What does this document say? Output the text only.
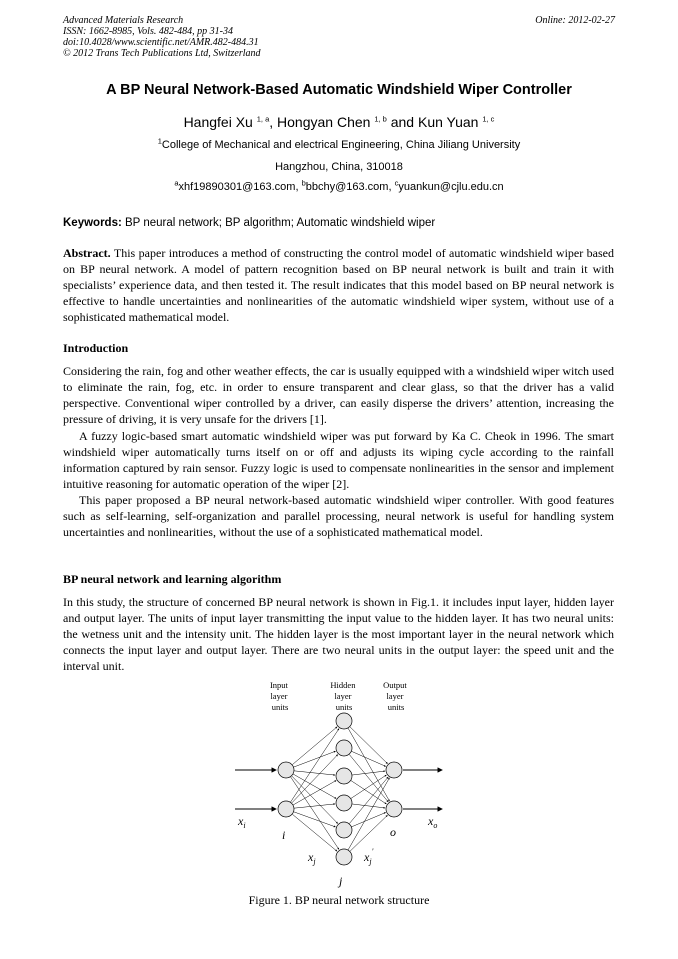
Advanced Materials Research
ISSN: 1662-8985, Vols. 482-484, pp 31-34
doi:10.4028/www.scientific.net/AMR.482-484.31
© 2012 Trans Tech Publications Ltd, Switzerland
Online: 2012-02-27
A BP Neural Network-Based Automatic Windshield Wiper Controller
Hangfei Xu $^{1, a}$, Hongyan Chen $^{1, b}$ and Kun Yuan $^{1, c}$
$^1$College of Mechanical and electrical Engineering, China Jiliang University
Hangzhou, China, 310018
$^a$xhf19890301@163.com, $^b$bbchy@163.com, $^c$yuankun@cjlu.edu.cn
Keywords: BP neural network; BP algorithm; Automatic windshield wiper
Abstract. This paper introduces a method of constructing the control model of automatic windshield wiper based on BP neural network. A model of pattern recognition based on BP neural network is built and train it with specialists’ experience data, and then tested it. The result indicates that this model based on BP neural network is effective to handle uncertainties and nonlinearities of the automatic windshield wiper system, without use of a sophisticated mathematical model.
Introduction
Considering the rain, fog and other weather effects, the car is usually equipped with a windshield wiper witch used to eliminate the rain, fog, etc. in order to ensure transparent and clear glass, so that the driver has a valid perspective. Conventional wiper controlled by a driver, can easily disperse the drivers’ attention, increasing the pressure of driving, it is very unsafe for the drivers [1].
A fuzzy logic-based smart automatic windshield wiper was put forward by Ka C. Cheok in 1996. The smart windshield wiper automatically turns itself on or off and adjusts its wiping cycle according to the rainfall information captured by rain sensor. Fuzzy logic is used to compensate nonlinearities in the sensor and implement intuitive reasoning for automatic operation of the wiper [2].
This paper proposed a BP neural network-based automatic windshield wiper controller. With good features such as self-learning, self-organization and parallel processing, neural network is useful for handling system uncertainties and nonlinearities, without the use of a sophisticated mathematical model.
BP neural network and learning algorithm
In this study, the structure of concerned BP neural network is shown in Fig.1. it includes input layer, hidden layer and output layer. The units of input layer transmitting the input value to the hidden layer. It has two neural units: the wetness unit and the intensity unit. The hidden layer is the most important layer in the neural network which connects the input layer and output layer. There are two neural units in the output layer: the speed unit and the interval unit.
Input layer units
Hidden layer units
Output layer units
$x_i$
i	o
$x_o$
$x_j$	$x_j'$
j
Figure 1. BP neural network structure
